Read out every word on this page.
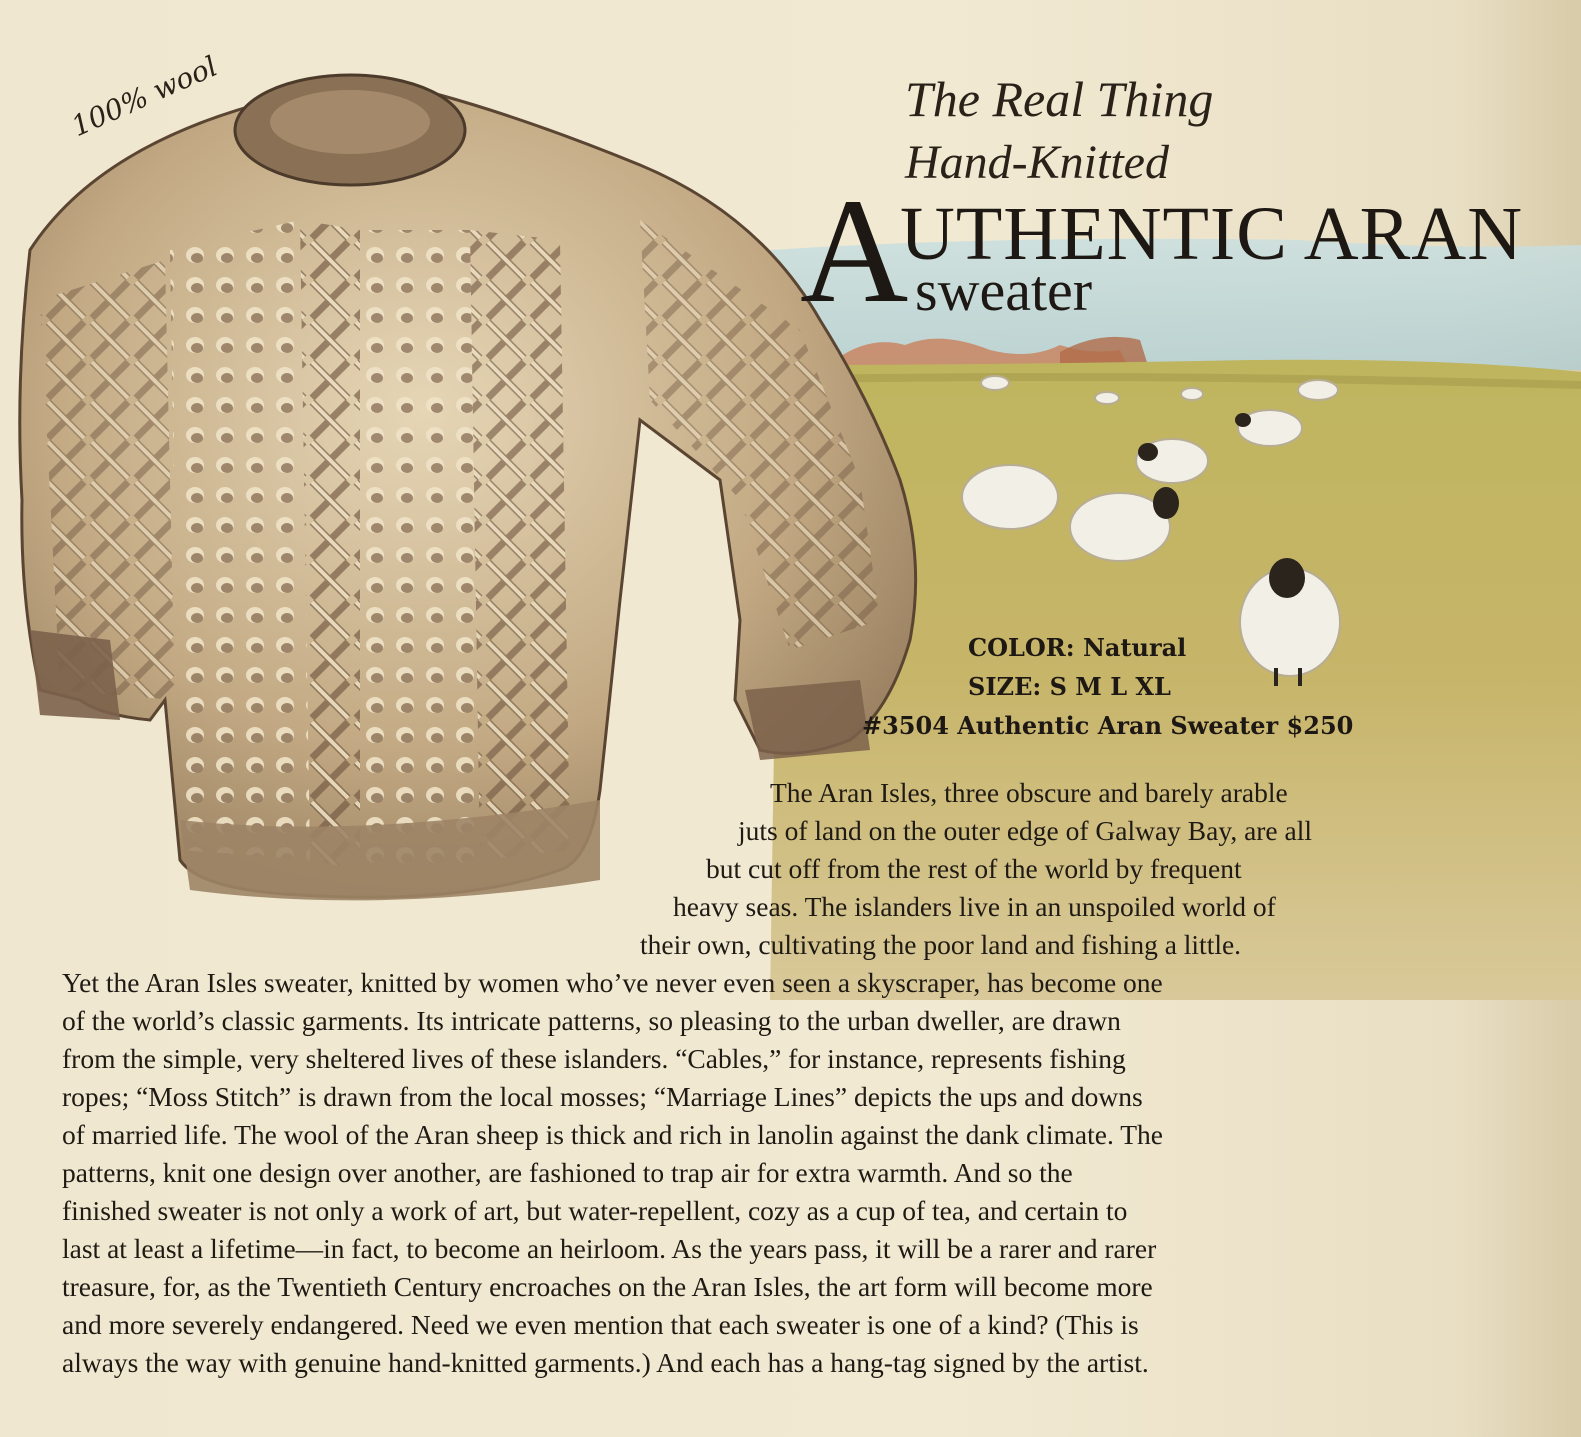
100% wool	The Real Thing
Hand-Knitted
A
UTHENTIC ARAN
sweater
COLOR: Natural
SIZE: S M L XL
#3504 Authentic Aran Sweater $250
The Aran Isles, three obscure and barely arable
juts of land on the outer edge of Galway Bay, are all
but cut off from the rest of the world by frequent
heavy seas. The islanders live in an unspoiled world of
their own, cultivating the poor land and fishing a little.
Yet the Aran Isles sweater, knitted by women who’ve never even seen a skyscraper, has become one
of the world’s classic garments. Its intricate patterns, so pleasing to the urban dweller, are drawn
from the simple, very sheltered lives of these islanders. “Cables,” for instance, represents fishing
ropes; “Moss Stitch” is drawn from the local mosses; “Marriage Lines” depicts the ups and downs
of married life. The wool of the Aran sheep is thick and rich in lanolin against the dank climate. The
patterns, knit one design over another, are fashioned to trap air for extra warmth. And so the
finished sweater is not only a work of art, but water-repellent, cozy as a cup of tea, and certain to
last at least a lifetime—in fact, to become an heirloom. As the years pass, it will be a rarer and rarer
treasure, for, as the Twentieth Century encroaches on the Aran Isles, the art form will become more
and more severely endangered. Need we even mention that each sweater is one of a kind? (This is
always the way with genuine hand-knitted garments.) And each has a hang-tag signed by the artist.
